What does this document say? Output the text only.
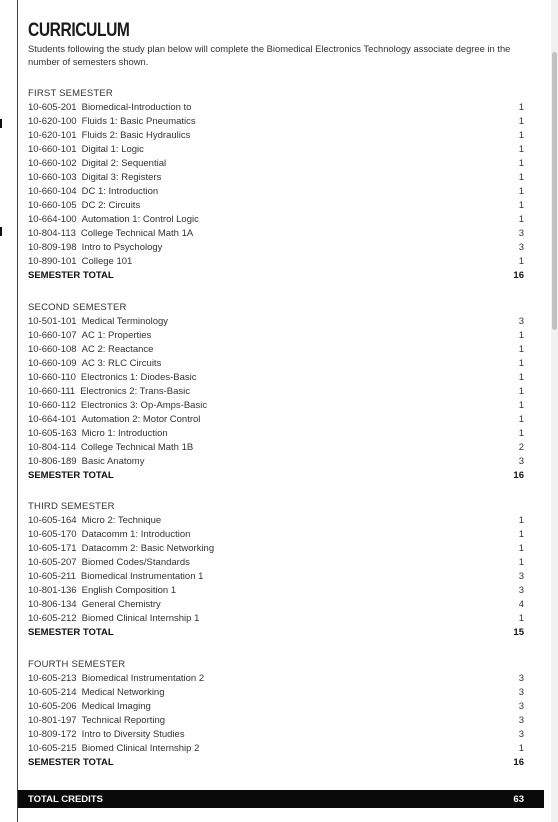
CURRICULUM
Students following the study plan below will complete the Biomedical Electronics Technology associate degree in the number of semesters shown.
FIRST SEMESTER
10-605-201 Biomedical-Introduction to	1
10-620-100 Fluids 1: Basic Pneumatics	1
10-620-101 Fluids 2: Basic Hydraulics	1
10-660-101 Digital 1: Logic	1
10-660-102 Digital 2: Sequential	1
10-660-103 Digital 3: Registers	1
10-660-104 DC 1: Introduction	1
10-660-105 DC 2: Circuits	1
10-664-100 Automation 1: Control Logic	1
10-804-113 College Technical Math 1A	3
10-809-198 Intro to Psychology	3
10-890-101 College 101	1
SEMESTER TOTAL	16
SECOND SEMESTER
10-501-101 Medical Terminology	3
10-660-107 AC 1: Properties	1
10-660-108 AC 2: Reactance	1
10-660-109 AC 3: RLC Circuits	1
10-660-110 Electronics 1: Diodes-Basic	1
10-660-111 Electronics 2: Trans-Basic	1
10-660-112 Electronics 3: Op-Amps-Basic	1
10-664-101 Automation 2: Motor Control	1
10-605-163 Micro 1: Introduction	1
10-804-114 College Technical Math 1B	2
10-806-189 Basic Anatomy	3
SEMESTER TOTAL	16
THIRD SEMESTER
10-605-164 Micro 2: Technique	1
10-605-170 Datacomm 1: Introduction	1
10-605-171 Datacomm 2: Basic Networking	1
10-605-207 Biomed Codes/Standards	1
10-605-211 Biomedical Instrumentation 1	3
10-801-136 English Composition 1	3
10-806-134 General Chemistry	4
10-605-212 Biomed Clinical Internship 1	1
SEMESTER TOTAL	15
FOURTH SEMESTER
10-605-213 Biomedical Instrumentation 2	3
10-605-214 Medical Networking	3
10-605-206 Medical Imaging	3
10-801-197 Technical Reporting	3
10-809-172 Intro to Diversity Studies	3
10-605-215 Biomed Clinical Internship 2	1
SEMESTER TOTAL	16
TOTAL CREDITS	63
